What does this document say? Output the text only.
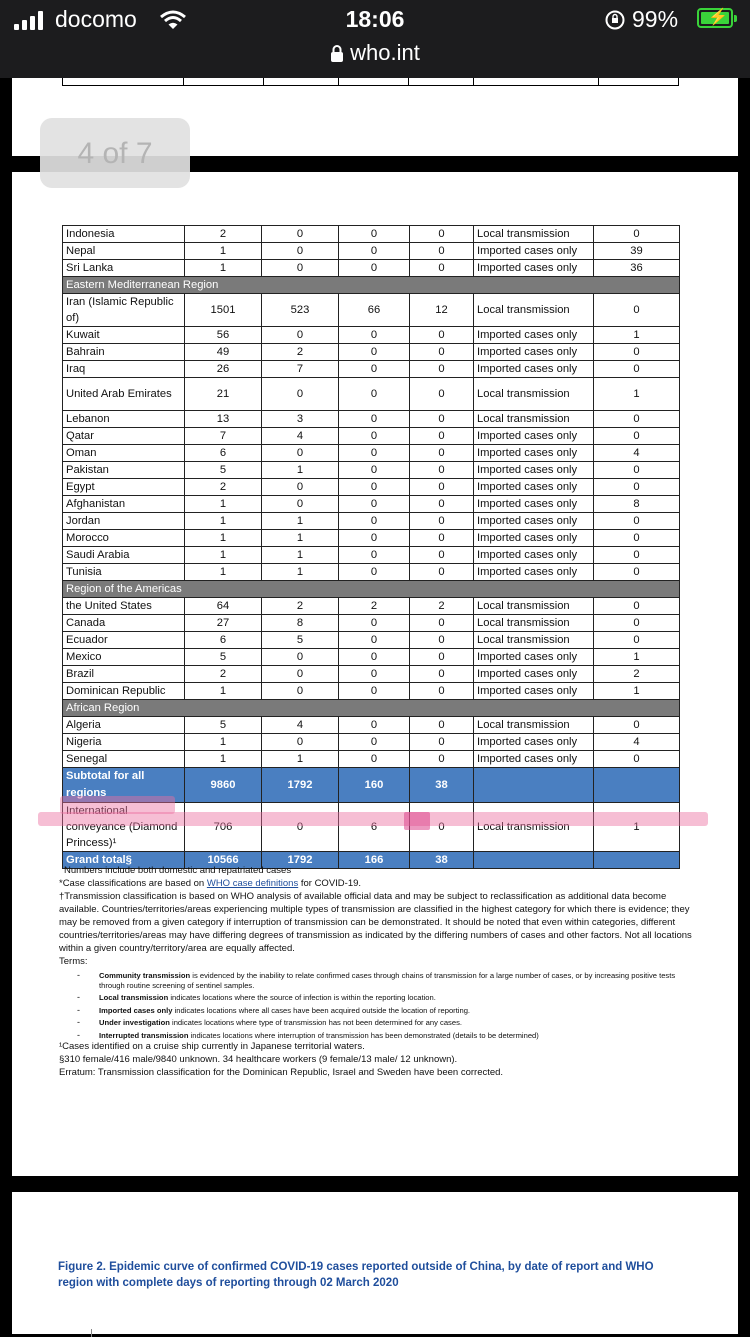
docomo	18:06
who.int
99% ⚡
Indonesia	2	0	0	0	Local transmission	0
Nepal	1	0	0	0	Imported cases only	39
Sri Lanka	1	0	0	0	Imported cases only	36
Eastern Mediterranean Region						
Iran (Islamic Republic of)	1501	523	66	12	Local transmission	0
Kuwait	56	0	0	0	Imported cases only	1
Bahrain	49	2	0	0	Imported cases only	0
Iraq	26	7	0	0	Imported cases only	0
United Arab Emirates	21	0	0	0	Local transmission	1
Lebanon	13	3	0	0	Local transmission	0
Qatar	7	4	0	0	Imported cases only	0
Oman	6	0	0	0	Imported cases only	4
Pakistan	5	1	0	0	Imported cases only	0
Egypt	2	0	0	0	Imported cases only	0
Afghanistan	1	0	0	0	Imported cases only	8
Jordan	1	1	0	0	Imported cases only	0
Morocco	1	1	0	0	Imported cases only	0
Saudi Arabia	1	1	0	0	Imported cases only	0
Tunisia	1	1	0	0	Imported cases only	0
Region of the Americas						
the United States	64	2	2	2	Local transmission	0
Canada	27	8	0	0	Local transmission	0
Ecuador	6	5	0	0	Local transmission	0
Mexico	5	0	0	0	Imported cases only	1
Brazil	2	0	0	0	Imported cases only	2
Dominican Republic	1	0	0	0	Imported cases only	1
African Region						
Algeria	5	4	0	0	Local transmission	0
Nigeria	1	0	0	0	Imported cases only	4
Senegal	1	1	0	0	Imported cases only	0
Subtotal for all regions	9860	1792	160	38		
International conveyance (Diamond Princess)¹	706	0	6	0	Local transmission	1
Grand total§	10566	1792	166	38		

Numbers include both domestic and repatriated cases

*Case classifications are based on WHO case definitions for COVID-19.

†Transmission classification is based on WHO analysis of available official data and may be subject to reclassification as additional data become available. Countries/territories/areas experiencing multiple types of transmission are classified in the highest category for which there is evidence; they may be removed from a given category if interruption of transmission can be demonstrated. It should be noted that even within categories, different countries/territories/areas may have differing degrees of transmission as indicated by the differing numbers of cases and other factors. Not all locations within a given country/territory/area are equally affected.

Terms:

-	Community transmission is evidenced by the inability to relate confirmed cases through chains of transmission for a large number of cases, or by increasing positive tests through routine screening of sentinel samples.
-	Local transmission indicates locations where the source of infection is within the reporting location.
-	Imported cases only indicates locations where all cases have been acquired outside the location of reporting.
-	Under investigation indicates locations where type of transmission has not been determined for any cases.
-	Interrupted transmission indicates locations where interruption of transmission has been demonstrated (details to be determined)

¹Cases identified on a cruise ship currently in Japanese territorial waters.

§310 female/416 male/9840 unknown. 34 healthcare workers (9 female/13 male/ 12 unknown).

Erratum: Transmission classification for the Dominican Republic, Israel and Sweden have been corrected.

4 of 7
Figure 2. Epidemic curve of confirmed COVID-19 cases reported outside of China, by date of report and WHO region with complete days of reporting through 02 March 2020
